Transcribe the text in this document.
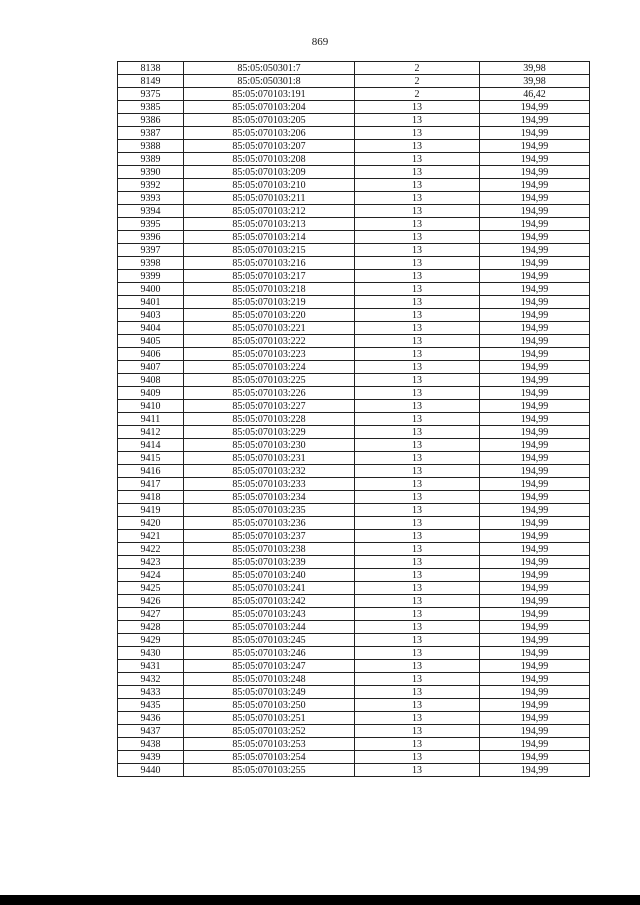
869
8138	85:05:050301:7	2	39,98
8149	85:05:050301:8	2	39,98
9375	85:05:070103:191	2	46,42
9385	85:05:070103:204	13	194,99
9386	85:05:070103:205	13	194,99
9387	85:05:070103:206	13	194,99
9388	85:05:070103:207	13	194,99
9389	85:05:070103:208	13	194,99
9390	85:05:070103:209	13	194,99
9392	85:05:070103:210	13	194,99
9393	85:05:070103:211	13	194,99
9394	85:05:070103:212	13	194,99
9395	85:05:070103:213	13	194,99
9396	85:05:070103:214	13	194,99
9397	85:05:070103:215	13	194,99
9398	85:05:070103:216	13	194,99
9399	85:05:070103:217	13	194,99
9400	85:05:070103:218	13	194,99
9401	85:05:070103:219	13	194,99
9403	85:05:070103:220	13	194,99
9404	85:05:070103:221	13	194,99
9405	85:05:070103:222	13	194,99
9406	85:05:070103:223	13	194,99
9407	85:05:070103:224	13	194,99
9408	85:05:070103:225	13	194,99
9409	85:05:070103:226	13	194,99
9410	85:05:070103:227	13	194,99
9411	85:05:070103:228	13	194,99
9412	85:05:070103:229	13	194,99
9414	85:05:070103:230	13	194,99
9415	85:05:070103:231	13	194,99
9416	85:05:070103:232	13	194,99
9417	85:05:070103:233	13	194,99
9418	85:05:070103:234	13	194,99
9419	85:05:070103:235	13	194,99
9420	85:05:070103:236	13	194,99
9421	85:05:070103:237	13	194,99
9422	85:05:070103:238	13	194,99
9423	85:05:070103:239	13	194,99
9424	85:05:070103:240	13	194,99
9425	85:05:070103:241	13	194,99
9426	85:05:070103:242	13	194,99
9427	85:05:070103:243	13	194,99
9428	85:05:070103:244	13	194,99
9429	85:05:070103:245	13	194,99
9430	85:05:070103:246	13	194,99
9431	85:05:070103:247	13	194,99
9432	85:05:070103:248	13	194,99
9433	85:05:070103:249	13	194,99
9435	85:05:070103:250	13	194,99
9436	85:05:070103:251	13	194,99
9437	85:05:070103:252	13	194,99
9438	85:05:070103:253	13	194,99
9439	85:05:070103:254	13	194,99
9440	85:05:070103:255	13	194,99
